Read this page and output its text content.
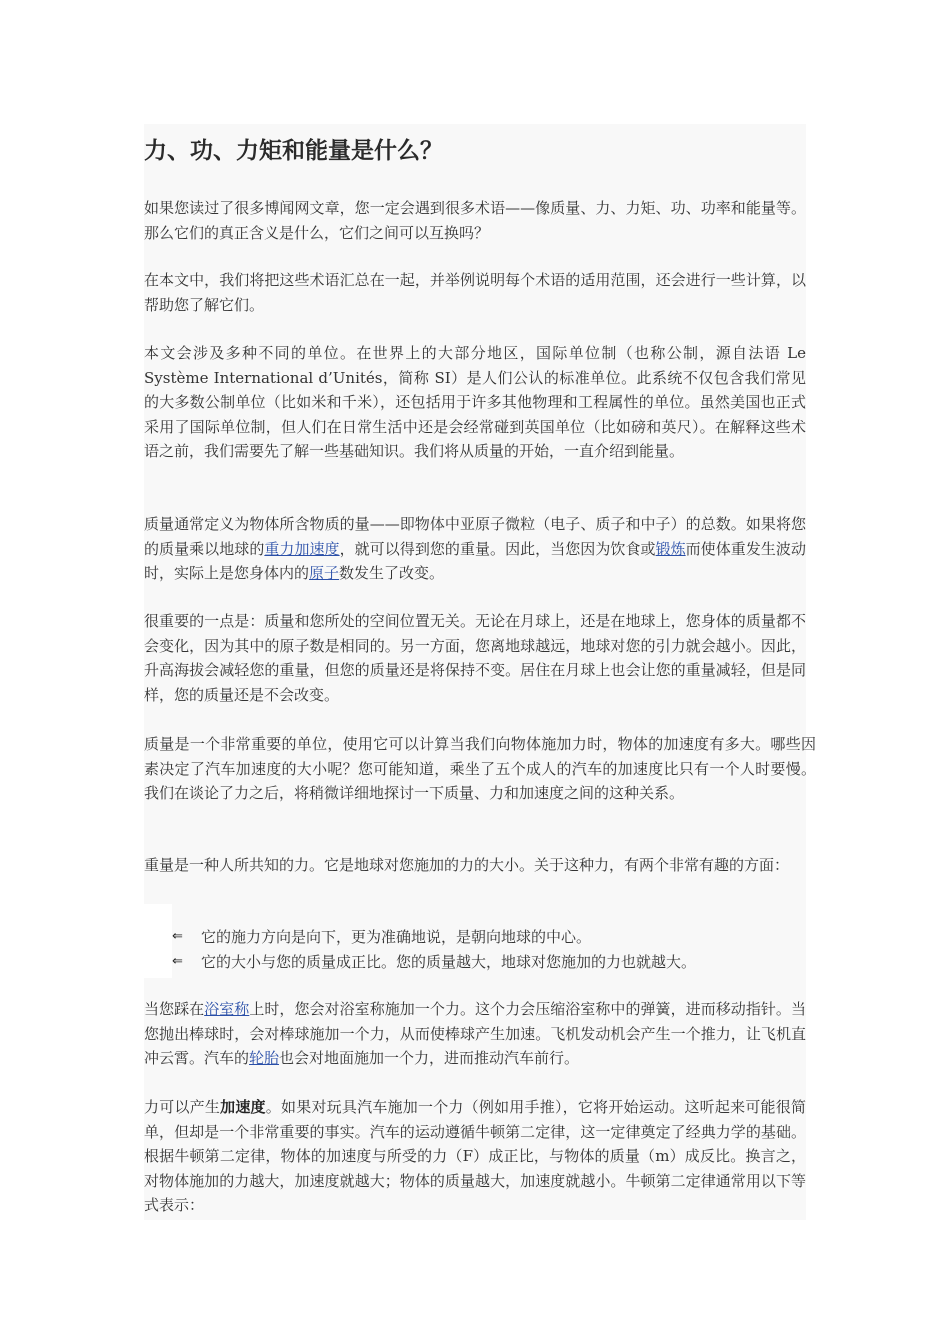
力、功、力矩和能量是什么？

如果您读过了很多博闻网文章，您一定会遇到很多术语——像质量、力、力矩、功、功率和能量等。那么它们的真正含义是什么，它们之间可以互换吗？

在本文中，我们将把这些术语汇总在一起，并举例说明每个术语的适用范围，还会进行一些计算，以帮助您了解它们。

本文会涉及多种不同的单位。在世界上的大部分地区，国际单位制（也称公制，源自法语 Le Système International d’Unités，简称 SI）是人们公认的标准单位。此系统不仅包含我们常见的大多数公制单位（比如米和千米），还包括用于许多其他物理和工程属性的单位。虽然美国也正式采用了国际单位制，但人们在日常生活中还是会经常碰到英国单位（比如磅和英尺）。在解释这些术语之前，我们需要先了解一些基础知识。我们将从质量的开始，一直介绍到能量。

质量通常定义为物体所含物质的量——即物体中亚原子微粒（电子、质子和中子）的总数。如果将您的质量乘以地球的重力加速度，就可以得到您的重量。因此，当您因为饮食或锻炼而使体重发生波动时，实际上是您身体内的原子数发生了改变。

很重要的一点是：质量和您所处的空间位置无关。无论在月球上，还是在地球上，您身体的质量都不会变化，因为其中的原子数是相同的。另一方面，您离地球越远，地球对您的引力就会越小。因此，升高海拔会减轻您的重量，但您的质量还是将保持不变。居住在月球上也会让您的重量减轻，但是同样，您的质量还是不会改变。

质量是一个非常重要的单位，使用它可以计算当我们向物体施加力时，物体的加速度有多大。哪些因素决定了汽车加速度的大小呢？您可能知道，乘坐了五个成人的汽车的加速度比只有一个人时要慢。我们在谈论了力之后，将稍微详细地探讨一下质量、力和加速度之间的这种关系。

重量是一种人所共知的力。它是地球对您施加的力的大小。关于这种力，有两个非常有趣的方面：

⇐	它的施力方向是向下，更为准确地说，是朝向地球的中心。
⇐	它的大小与您的质量成正比。您的质量越大，地球对您施加的力也就越大。

当您踩在浴室称上时，您会对浴室称施加一个力。这个力会压缩浴室称中的弹簧，进而移动指针。当您抛出棒球时，会对棒球施加一个力，从而使棒球产生加速。飞机发动机会产生一个推力，让飞机直冲云霄。汽车的轮胎也会对地面施加一个力，进而推动汽车前行。

力可以产生加速度。如果对玩具汽车施加一个力（例如用手推），它将开始运动。这听起来可能很简单，但却是一个非常重要的事实。汽车的运动遵循牛顿第二定律，这一定律奠定了经典力学的基础。根据牛顿第二定律，物体的加速度与所受的力（F）成正比，与物体的质量（m）成反比。换言之，对物体施加的力越大，加速度就越大；物体的质量越大，加速度就越小。牛顿第二定律通常用以下等式表示：
